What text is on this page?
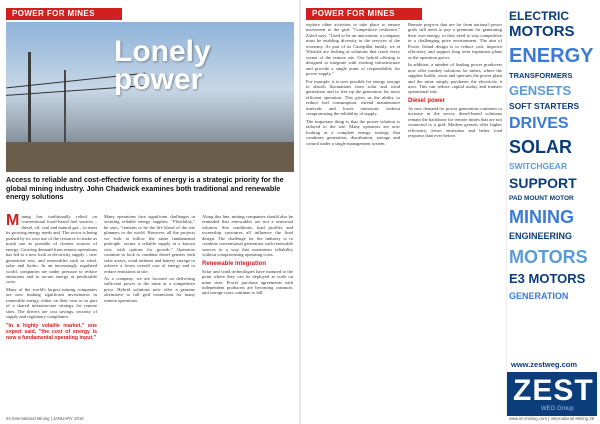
POWER FOR MINES
Lonely
power
Access to reliable and cost-effective forms of energy is a strategic priority for the global mining industry. John Chadwick examines both traditional and renewable energy solutions
M ining has traditionally relied on conventional fossil-based fuel sources – diesel, oil, coal and natural gas – to meet its growing energy needs and. The sector is being pushed by its own use of the resource to make as much use as possible of cleaner sources of energy. Growing demand from remote operations has led to a new look at electricity supply – new generation sets, and renewables such as wind, solar and hydro. In an increasingly regulated world, companies are under pressure to reduce emissions and to secure energy at predictable costs.

Many of the world's largest mining companies are now making significant investments in renewable energy, either on their own or as part of a shared infrastructure strategy for remote sites. The drivers are cost savings, security of supply and regulatory compliance.

"In a highly volatile market," one expert said, "the cost of energy is now a fundamental operating input."

Many operations face significant challenges in securing reliable energy supplies. "Flexibility," he says, "remains to be the life blood of the site planners in the world. However, all the projects we look at follow the same fundamental principle: secure a reliable supply at a known cost, with options for growth." Operators continue to look to combine diesel gensets with solar arrays, wind turbines and battery storage to achieve a lower overall cost of energy and to reduce emissions at site.

As a company, we are focused on delivering sufficient power to the mine at a competitive price. Hybrid solutions now offer a genuine alternative to full grid connection for many remote operations.

Along this line, mining companies should also be reminded that renewables are not a universal solution. Site conditions, load profiles and ownership structures all influence the final design. The challenge for the industry is to combine conventional generation with renewable sources in a way that maximises reliability without compromising operating costs.

Renewable integration

Solar and wind technologies have matured to the point where they can be deployed at scale on mine sites. Power purchase agreements with independent producers are becoming common, and storage costs continue to fall.

24 International Mining | JANUARY 2016
POWER FOR MINES

explore other activities to take place to ensure movement to the grid. "Competitive resilience," Zafeil says, "Used to be an innovation; a company must be enabling diversity in the services of the economy. As part of its Caterpillar family, we at Wärtsilä are looking at solutions that reach every corner of the remote site. Our hybrid offering is designed to integrate with existing infrastructure and provide a single point of responsibility for power supply."

For example, it is now possible for energy storage to absorb fluctuations from solar and wind generation and to free up the generators for more efficient operation. This gives us the ability to reduce fuel consumption, extend maintenance intervals and lower emissions without compromising the reliability of supply.

The important thing is that the power solution is tailored to the site. Many operators are now looking at a complete energy strategy that combines generation, distribution, storage and control under a single management system.

Remote projects that are far from national power grids still need to pay a premium for generating their own energy, so they need to stay competitive in a challenging price environment. The aim of Power Island design is to reduce cost, improve efficiency and support long term expansion plans as the operation grows.

In addition, a number of leading power producers now offer turnkey solutions for mines, where the supplier builds, owns and operates the power plant and the mine simply purchases the electricity it uses. This can reduce capital outlay and transfer operational risk.

Diesel power

As new demand for power generation continues to increase in the sector, diesel-based solutions remain the backbone for remote mines that are not connected to a grid. Modern gensets offer higher efficiency, lower emissions and better load response than ever before.

ELECTRIC
MOTORS
ENERGY
TRANSFORMERS
GENSETS
SOFT STARTERS
DRIVES
SOLAR
SWITCHGEAR
SUPPORT
PAD MOUNT MOTOR
MINING
ENGINEERING
MOTORS
E3 MOTORS
GENERATION
www.zestweg.com
ZEST
WEG Group
www.im-mining.com | International Mining 25
